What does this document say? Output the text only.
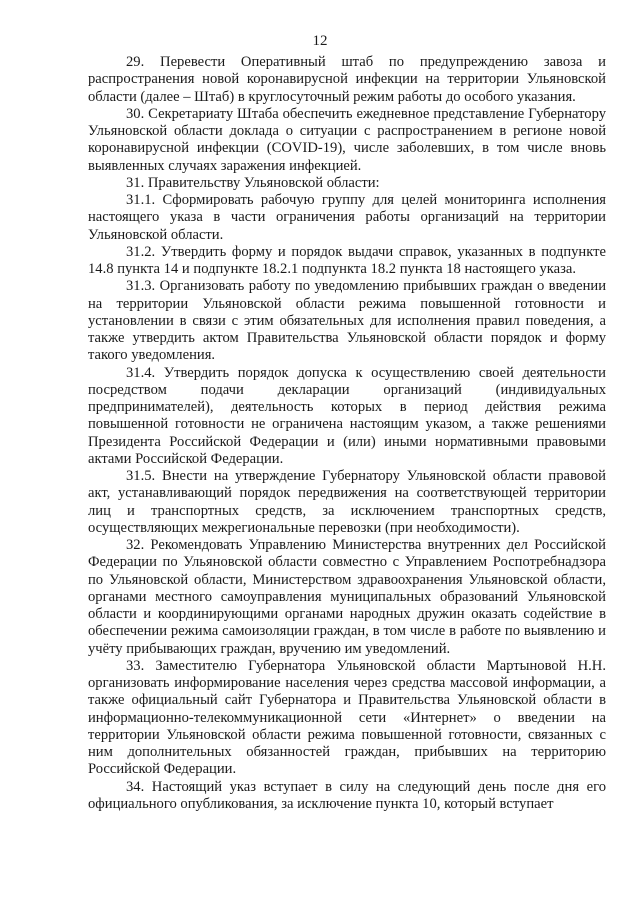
12

29. Перевести Оперативный штаб по предупреждению завоза и распространения новой коронавирусной инфекции на территории Ульяновской области (далее – Штаб) в круглосуточный режим работы до особого указания.

30. Секретариату Штаба обеспечить ежедневное представление Губернатору Ульяновской области доклада о ситуации с распространением в регионе новой коронавирусной инфекции (COVID-19), числе заболевших, в том числе вновь выявленных случаях заражения инфекцией.

31. Правительству Ульяновской области:

31.1. Сформировать рабочую группу для целей мониторинга исполнения настоящего указа в части ограничения работы организаций на территории Ульяновской области.

31.2. Утвердить форму и порядок выдачи справок, указанных в подпункте 14.8 пункта 14 и подпункте 18.2.1 подпункта 18.2 пункта 18 настоящего указа.

31.3. Организовать работу по уведомлению прибывших граждан о введении на территории Ульяновской области режима повышенной готовности и установлении в связи с этим обязательных для исполнения правил поведения, а также утвердить актом Правительства Ульяновской области порядок и форму такого уведомления.

31.4. Утвердить порядок допуска к осуществлению своей деятельности посредством подачи декларации организаций (индивидуальных предпринимателей), деятельность которых в период действия режима повышенной готовности не ограничена настоящим указом, а также решениями Президента Российской Федерации и (или) иными нормативными правовыми актами Российской Федерации.

31.5. Внести на утверждение Губернатору Ульяновской области правовой акт, устанавливающий порядок передвижения на соответствующей территории лиц и транспортных средств, за исключением транспортных средств, осуществляющих межрегиональные перевозки (при необходимости).

32. Рекомендовать Управлению Министерства внутренних дел Российской Федерации по Ульяновской области совместно с Управлением Роспотребнадзора по Ульяновской области, Министерством здравоохранения Ульяновской области, органами местного самоуправления муниципальных образований Ульяновской области и координирующими органами народных дружин оказать содействие в обеспечении режима самоизоляции граждан, в том числе в работе по выявлению и учёту прибывающих граждан, вручению им уведомлений.

33. Заместителю Губернатора Ульяновской области Мартыновой Н.Н. организовать информирование населения через средства массовой информации, а также официальный сайт Губернатора и Правительства Ульяновской области в информационно-телекоммуникационной сети «Интернет» о введении на территории Ульяновской области режима повышенной готовности, связанных с ним дополнительных обязанностей граждан, прибывших на территорию Российской Федерации.

34. Настоящий указ вступает в силу на следующий день после дня его официального опубликования, за исключение пункта 10, который вступает
